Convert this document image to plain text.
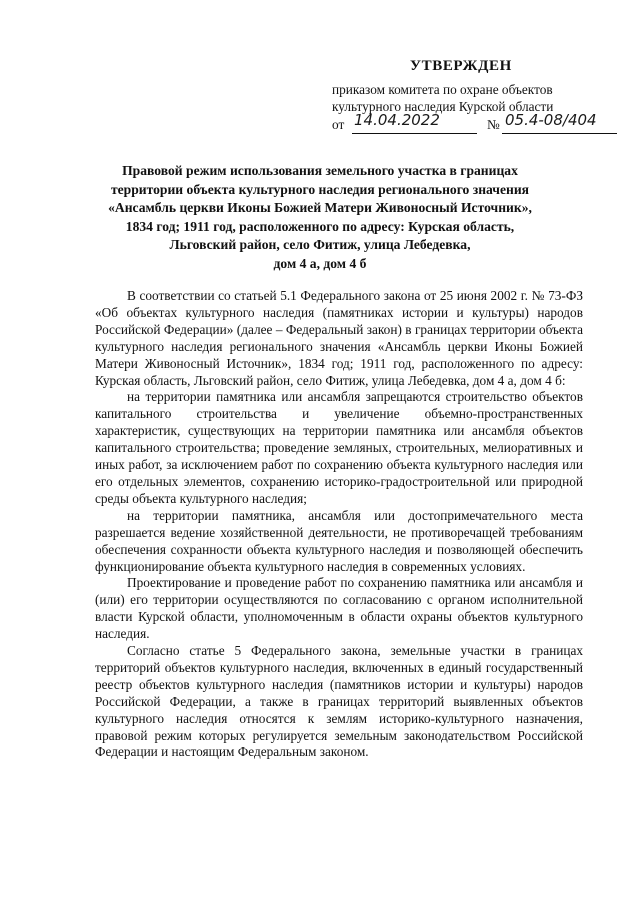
УТВЕРЖДЕН
приказом комитета по охране объектов
культурного наследия Курской области
от 14.04.2022	№ 05.4-08/404
Правовой режим использования земельного участка в границах
территории объекта культурного наследия регионального значения
«Ансамбль церкви Иконы Божией Матери Живоносный Источник»,
1834 год; 1911 год, расположенного по адресу: Курская область,
Льговский район, село Фитиж, улица Лебедевка,
дом 4 а, дом 4 б

В соответствии со статьей 5.1 Федерального закона от 25 июня 2002 г. № 73-ФЗ «Об объектах культурного наследия (памятниках истории и культуры) народов Российской Федерации» (далее – Федеральный закон) в границах территории объекта культурного наследия регионального значения «Ансамбль церкви Иконы Божией Матери Живоносный Источник», 1834 год; 1911 год, расположенного по адресу: Курская область, Льговский район, село Фитиж, улица Лебедевка, дом 4 а, дом 4 б:

на территории памятника или ансамбля запрещаются строительство объектов капитального строительства и увеличение объемно-пространственных характеристик, существующих на территории памятника или ансамбля объектов капитального строительства; проведение земляных, строительных, мелиоративных и иных работ, за исключением работ по сохранению объекта культурного наследия или его отдельных элементов, сохранению историко-градостроительной или природной среды объекта культурного наследия;

на территории памятника, ансамбля или достопримечательного места разрешается ведение хозяйственной деятельности, не противоречащей требованиям обеспечения сохранности объекта культурного наследия и позволяющей обеспечить функционирование объекта культурного наследия в современных условиях.

Проектирование и проведение работ по сохранению памятника или ансамбля и (или) его территории осуществляются по согласованию с органом исполнительной власти Курской области, уполномоченным в области охраны объектов культурного наследия.

Согласно статье 5 Федерального закона, земельные участки в границах территорий объектов культурного наследия, включенных в единый государственный реестр объектов культурного наследия (памятников истории и культуры) народов Российской Федерации, а также в границах территорий выявленных объектов культурного наследия относятся к землям историко-культурного назначения, правовой режим которых регулируется земельным законодательством Российской Федерации и настоящим Федеральным законом.
